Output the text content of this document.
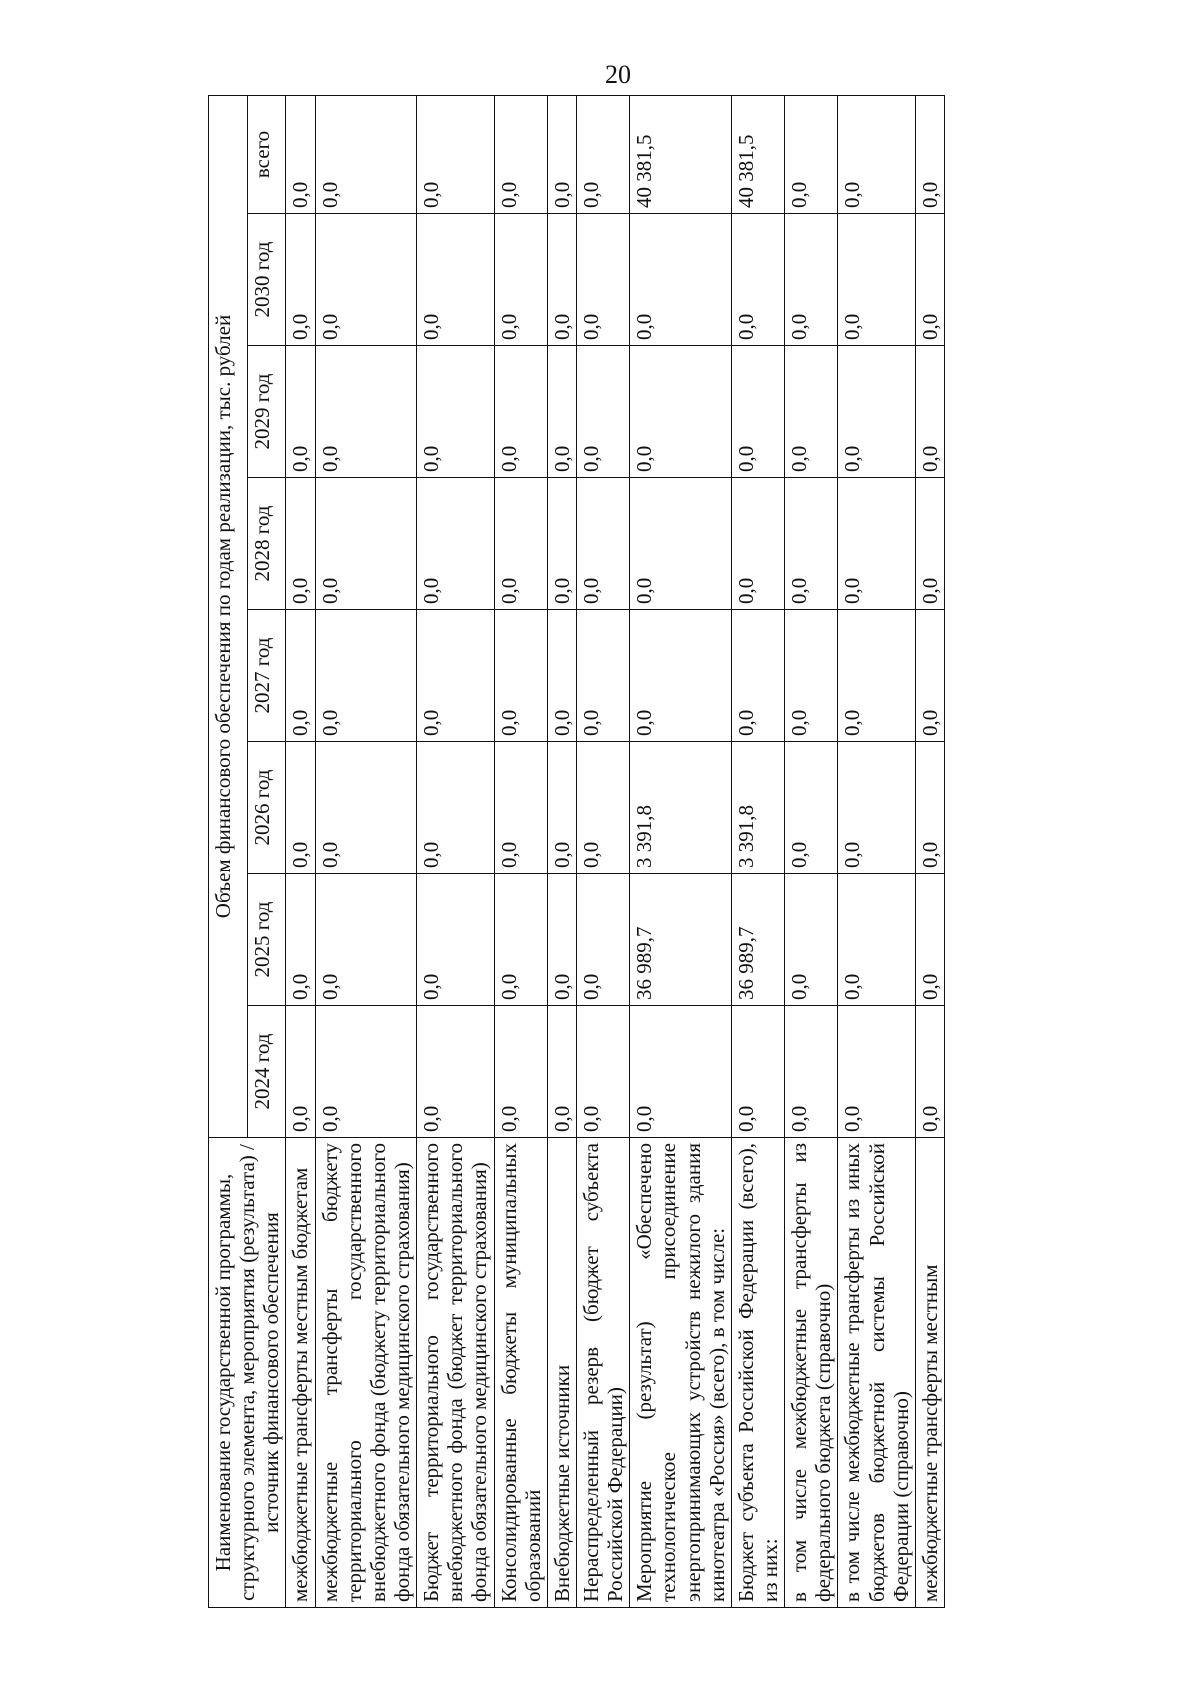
20
Наименование государственной программы, структурного элемента, мероприятия (результата) / источник финансового обеспечения	Объем финансового обеспечения по годам реализации, тыс. рублей							
	2024 год	2025 год	2026 год	2027 год	2028 год	2029 год	2030 год	всего
межбюджетные трансферты местным бюджетам	0,0	0,0	0,0	0,0	0,0	0,0	0,0	0,0
межбюджетные трансферты бюджету территориального государственного внебюджетного фонда (бюджету территориального фонда обязательного медицинского страхования)	0,0	0,0	0,0	0,0	0,0	0,0	0,0	0,0
Бюджет территориального государственного внебюджетного фонда (бюджет территориального фонда обязательного медицинского страхования)	0,0	0,0	0,0	0,0	0,0	0,0	0,0	0,0
Консолидированные бюджеты муниципальных образований	0,0	0,0	0,0	0,0	0,0	0,0	0,0	0,0
Внебюджетные источники	0,0	0,0	0,0	0,0	0,0	0,0	0,0	0,0
Нераспределенный резерв (бюджет субъекта Российской Федерации)	0,0	0,0	0,0	0,0	0,0	0,0	0,0	0,0
Мероприятие (результат) «Обеспечено технологическое присоединение энергопринимающих устройств нежилого здания кинотеатра «Россия» (всего), в том числе:	0,0	36 989,7	3 391,8	0,0	0,0	0,0	0,0	40 381,5
Бюджет субъекта Российской Федерации (всего), из них:	0,0	36 989,7	3 391,8	0,0	0,0	0,0	0,0	40 381,5
в том числе межбюджетные трансферты из федерального бюджета (справочно)	0,0	0,0	0,0	0,0	0,0	0,0	0,0	0,0
в том числе межбюджетные трансферты из иных бюджетов бюджетной системы Российской Федерации (справочно)	0,0	0,0	0,0	0,0	0,0	0,0	0,0	0,0
межбюджетные трансферты местным	0,0	0,0	0,0	0,0	0,0	0,0	0,0	0,0
